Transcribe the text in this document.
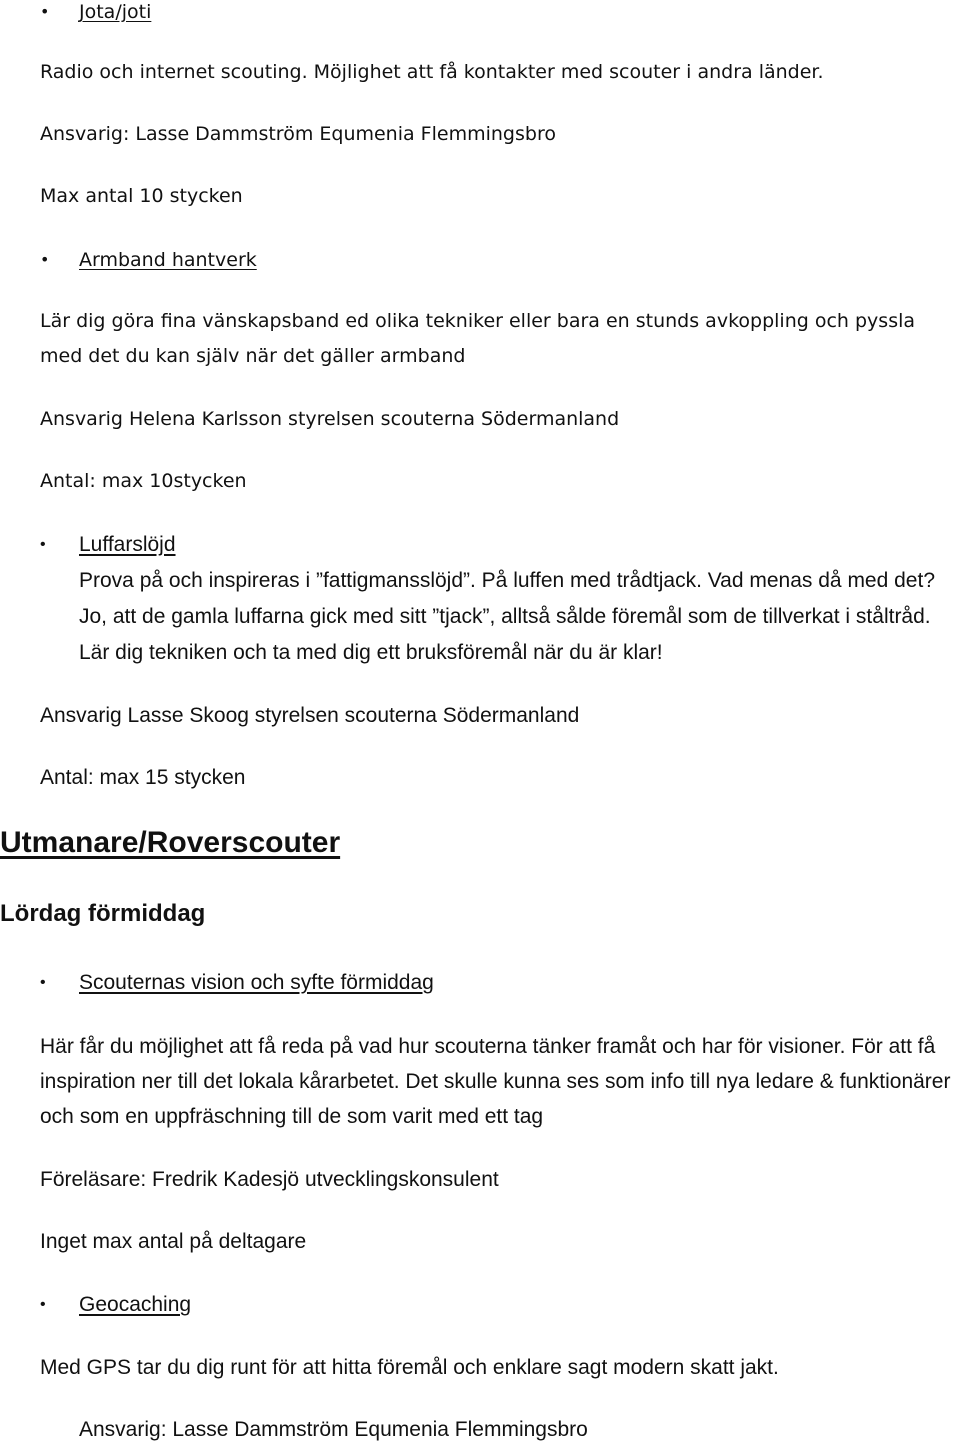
• Jota/joti

Radio och internet scouting. Möjlighet att få kontakter med scouter i andra länder.

Ansvarig: Lasse Dammström Equmenia Flemmingsbro

Max antal 10 stycken

• Armband hantverk

Lär dig göra fina vänskapsband ed olika tekniker eller bara en stunds avkoppling och pyssla med det du kan själv när det gäller armband

Ansvarig Helena Karlsson styrelsen scouterna Södermanland

Antal: max 10stycken

• Luffarslöjd

Prova på och inspireras i ”fattigmansslöjd”. På luffen med trådtjack. Vad menas då med det? Jo, att de gamla luffarna gick med sitt ”tjack”, alltså sålde föremål som de tillverkat i ståltråd. Lär dig tekniken och ta med dig ett bruksföremål när du är klar!

Ansvarig Lasse Skoog styrelsen scouterna Södermanland

Antal: max 15 stycken

Utmanare/Roverscouter
Lördag förmiddag
• Scouternas vision och syfte förmiddag

Här får du möjlighet att få reda på vad hur scouterna tänker framåt och har för visioner. För att få inspiration ner till det lokala kårarbetet. Det skulle kunna ses som info till nya ledare & funktionärer och som en uppfräschning till de som varit med ett tag

Föreläsare: Fredrik Kadesjö utvecklingskonsulent

Inget max antal på deltagare

• Geocaching

Med GPS tar du dig runt för att hitta föremål och enklare sagt modern skatt jakt.

Ansvarig: Lasse Dammström Equmenia Flemmingsbro
